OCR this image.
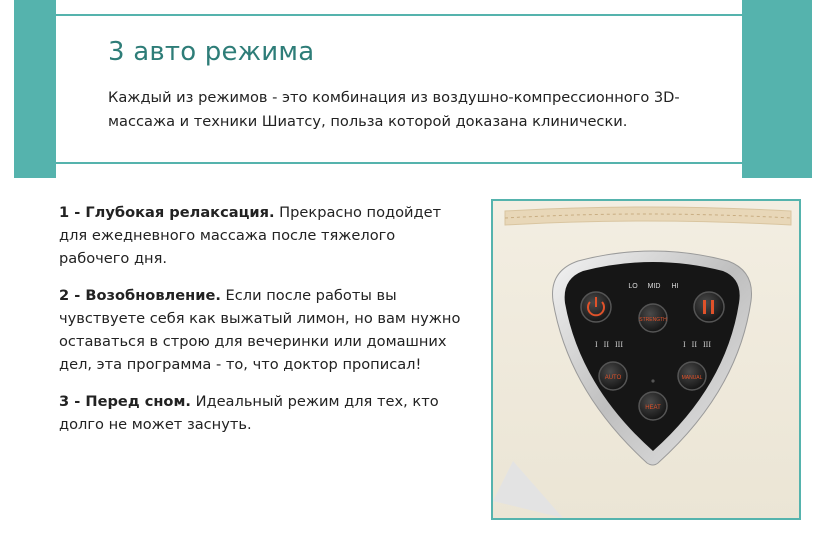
3 авто режима
Каждый из режимов - это комбинация из воздушно-компрессионного 3D-массажа и техники Шиатсу, польза которой доказана клинически.

1 - Глубокая релаксация. Прекрасно подойдет для ежедневного массажа после тяжелого рабочего дня.

2 - Возобновление. Если после работы вы чувствуете себя как выжатый лимон, но вам нужно оставаться в строю для вечеринки или домашних дел, эта программа - то, что доктор прописал!

3 - Перед сном. Идеальный режим для тех, кто долго не может заснуть.

LO MID HI
STRENGTH
I   II   III	I   II   III
AUTO	MANUAL
HEAT
